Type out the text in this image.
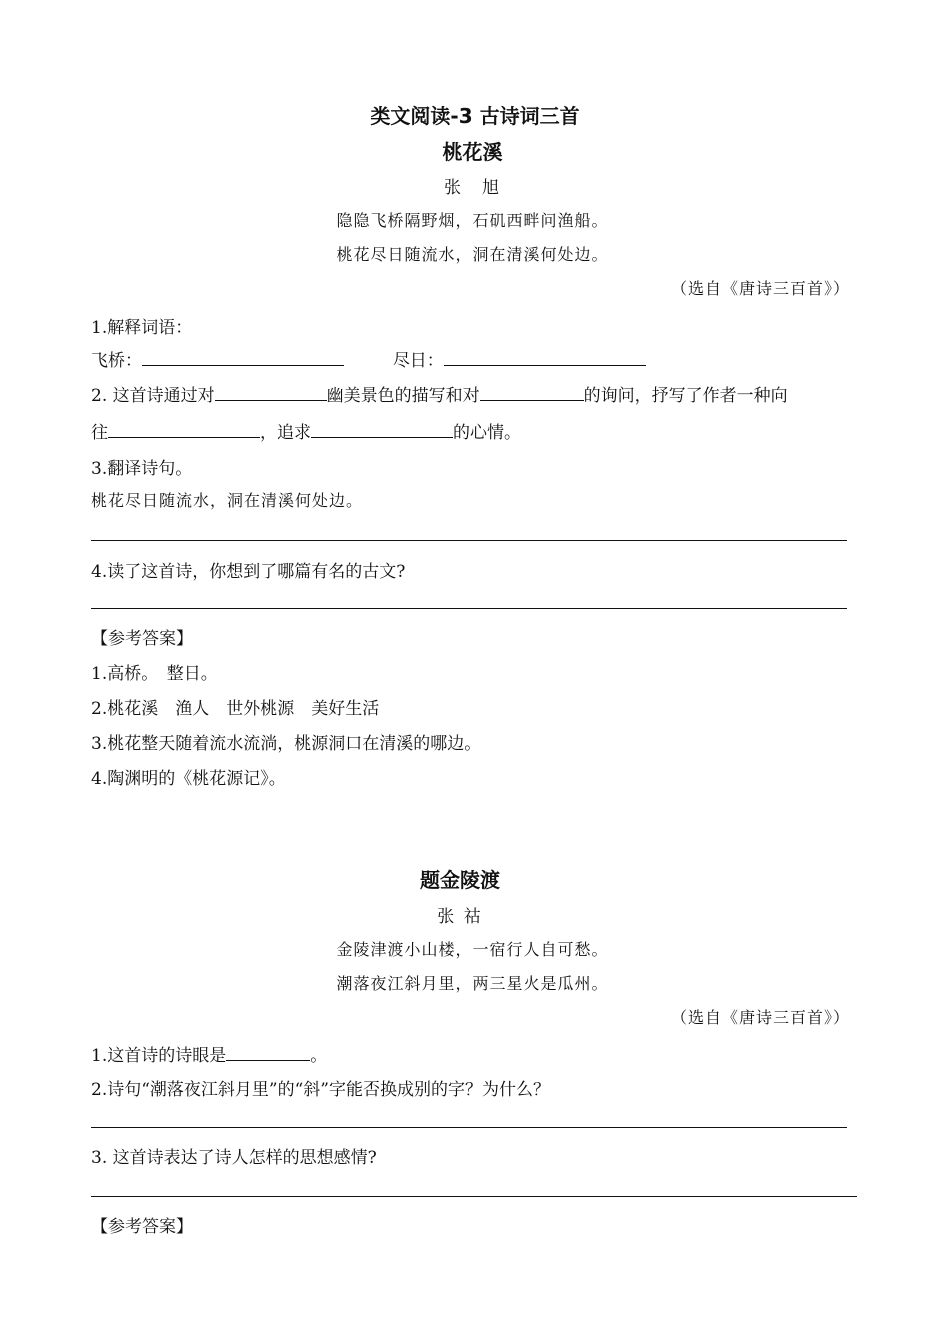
类文阅读-3 古诗词三首
桃花溪
张　旭
隐隐飞桥隔野烟，石矶西畔问渔船。
桃花尽日随流水，洞在清溪何处边。
（选自《唐诗三百首》）
1.解释词语：
飞桥：	尽日：
2. 这首诗通过对	幽美景色的描写和对	的询问，抒写了作者一种向
往	，追求	的心情。
3.翻译诗句。
桃花尽日随流水，洞在清溪何处边。
4.读了这首诗，你想到了哪篇有名的古文?
【参考答案】
1.高桥。　整日。
2.桃花溪　渔人　世外桃源　美好生活
3.桃花整天随着流水流淌，桃源洞口在清溪的哪边。
4.陶渊明的《桃花源记》。
题金陵渡
张 祜
金陵津渡小山楼，一宿行人自可愁。
潮落夜江斜月里，两三星火是瓜州。
（选自《唐诗三百首》）
1.这首诗的诗眼是	。
2.诗句“潮落夜江斜月里”的“斜”字能否换成别的字？为什么？
3. 这首诗表达了诗人怎样的思想感情?
【参考答案】
